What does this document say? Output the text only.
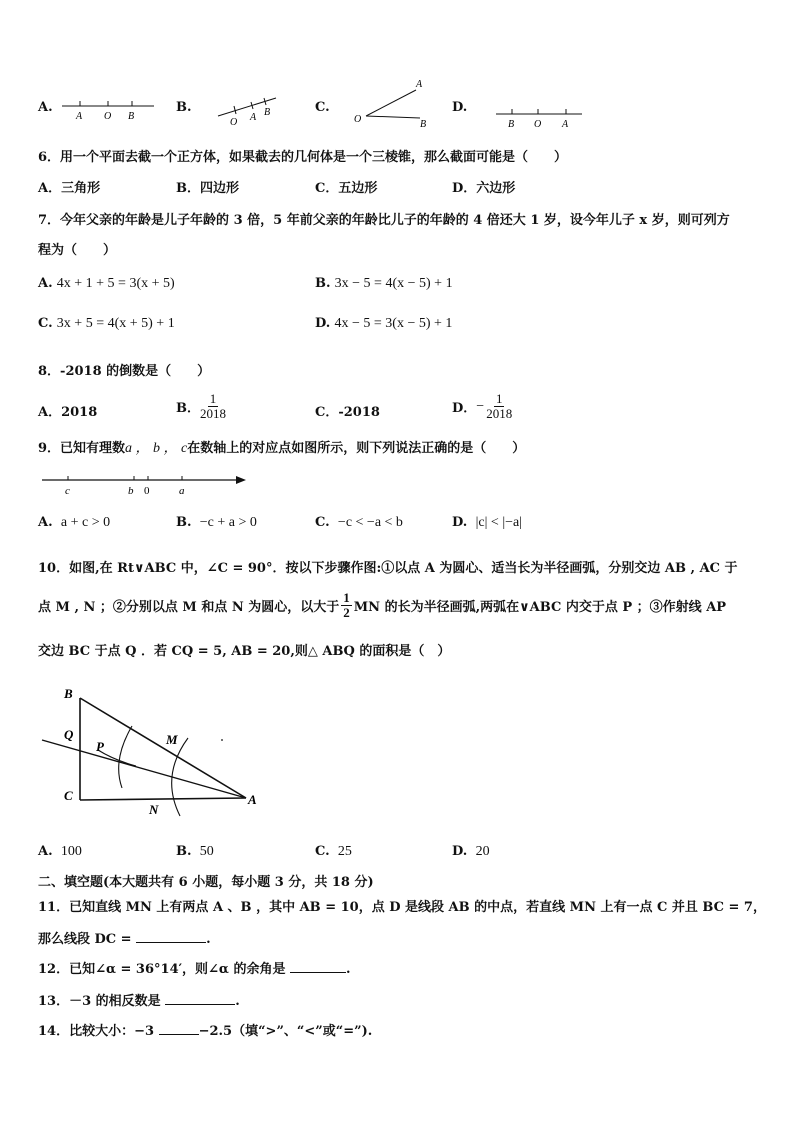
A.
A O B
B.
O A B	C.
O
A
B
D.
B O A
6．用一个平面去截一个正方体，如果截去的几何体是一个三棱锥，那么截面可能是（　　）
A．三角形	B．四边形	C．五边形	D．六边形
7．今年父亲的年龄是儿子年龄的 3 倍，5 年前父亲的年龄比儿子的年龄的 4 倍还大 1 岁，设今年儿子 x 岁，则可列方
程为（　　）
A. 4x + 1 + 5 = 3(x + 5)	B. 3x − 5 = 4(x − 5) + 1
C. 3x + 5 = 4(x + 5) + 1	D. 4x − 5 = 3(x − 5) + 1
8．-2018 的倒数是（　　）
A．2018	B． $\frac{1}{2018}$	C．-2018	D． − $\frac{1}{2018}$
9．已知有理数a ， b ， c在数轴上的对应点如图所示，则下列说法正确的是（　　）
c	b 0	a
A. a + c > 0	B. −c + a > 0	C. −c < −a < b	D. |c| < |−a|
10．如图,在 Rt∨ABC 中，∠C = 90°．按以下步骤作图:①以点 A 为圆心、适当长为半径画弧，分别交边 AB , AC 于
点 M , N ；②分别以点 M 和点 N 为圆心，以大于 $\frac{1}{2}$ MN 的长为半径画弧,两弧在∨ABC 内交于点 P ；③作射线 AP
交边 BC 于点 Q ．若 CQ = 5, AB = 20,则△ ABQ 的面积是（　）
B
Q
P	M
C
N
A
A. 100	B. 50	C. 25	D. 20
二、填空题(本大题共有 6 小题，每小题 3 分，共 18 分)
11．已知直线 MN 上有两点 A 、B ，其中 AB = 10，点 D 是线段 AB 的中点，若直线 MN 上有一点 C 并且 BC = 7，
那么线段 DC =	.
12．已知∠α = 36°14′，则∠α 的余角是	.
13．－3 的相反数是	.
14．比较大小：−3	−2.5（填“>”、“<”或“=”).
